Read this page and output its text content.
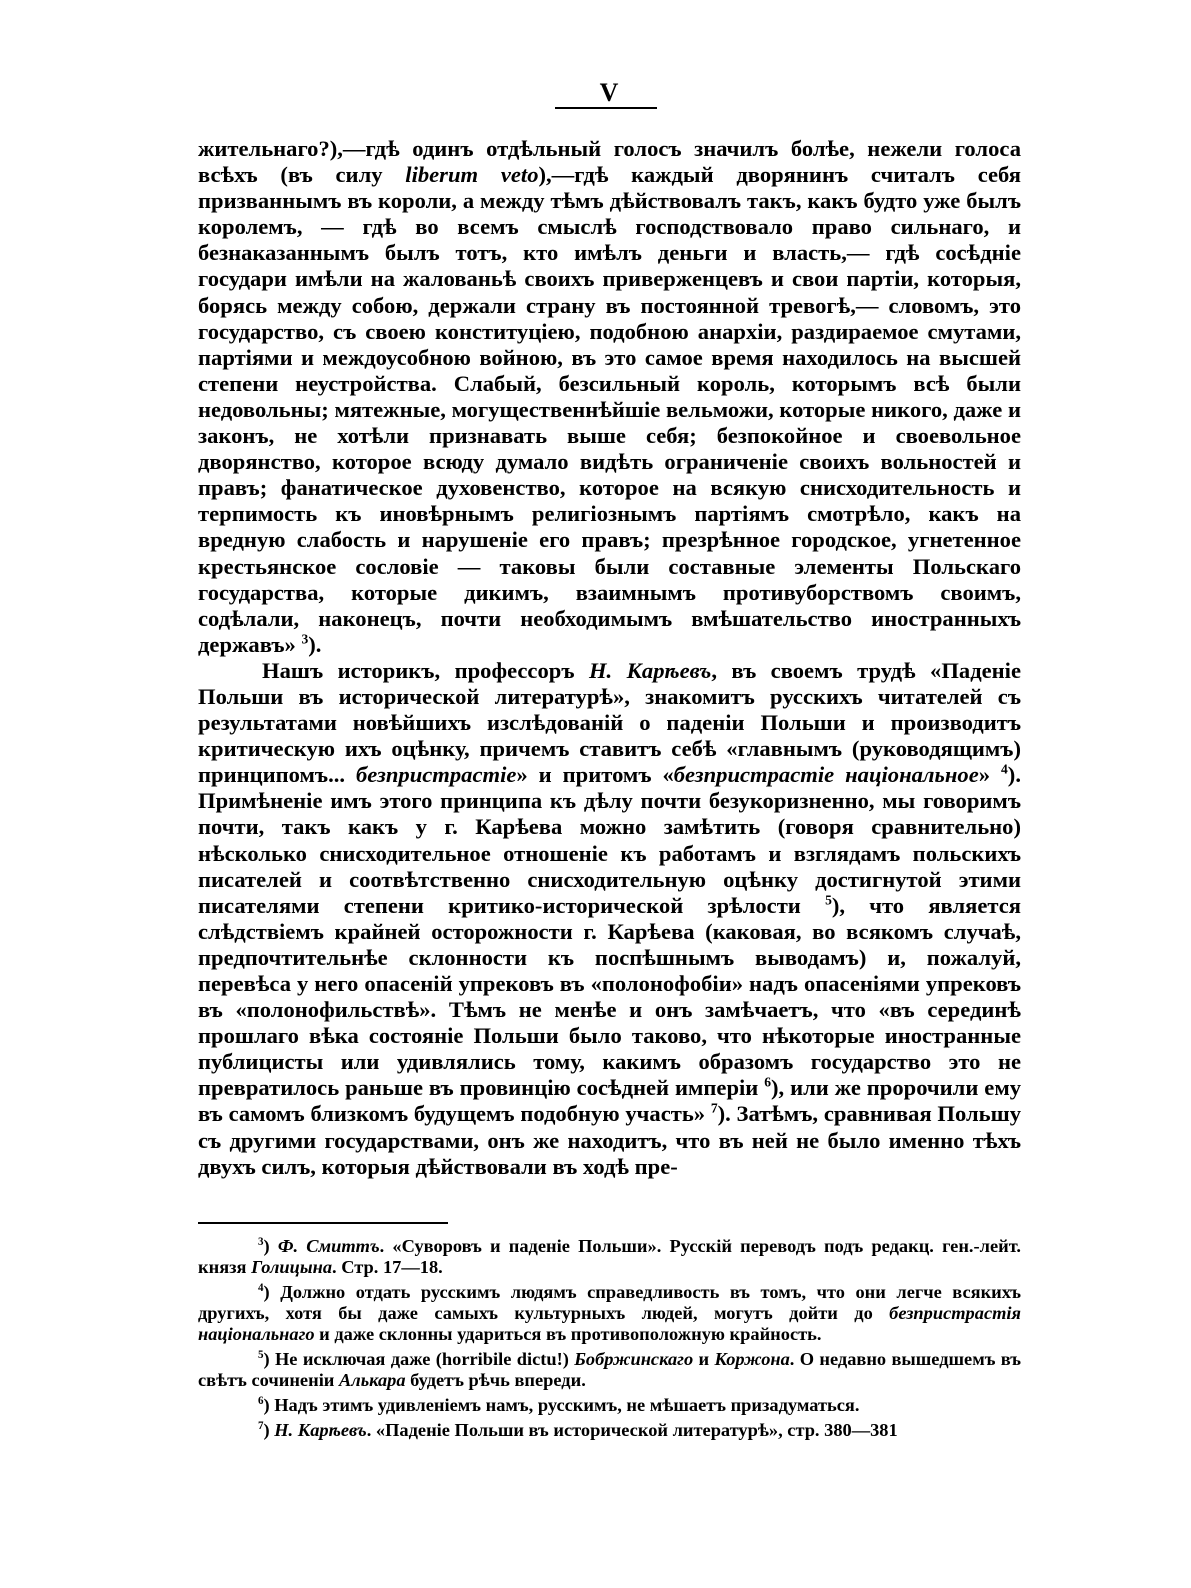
V

жительнаго?),—гдѣ одинъ отдѣльный голосъ значилъ болѣе, нежели голоса всѣхъ (въ силу liberum veto),—гдѣ каждый дворянинъ считалъ себя призваннымъ въ короли, а между тѣмъ дѣйствовалъ такъ, какъ будто уже былъ королемъ, — гдѣ во всемъ смыслѣ господствовало право сильнаго, и безнаказаннымъ былъ тотъ, кто имѣлъ деньги и власть,— гдѣ сосѣдніе государи имѣли на жалованьѣ своихъ приверженцевъ и свои партіи, которыя, борясь между собою, держали страну въ постоянной тревогѣ,— словомъ, это государство, съ своею конституціею, подобною анархіи, раздираемое смутами, партіями и междоусобною войною, въ это самое время находилось на высшей степени неустройства. Слабый, безсильный король, которымъ всѣ были недовольны; мятежные, могущественнѣйшіе вельможи, которые никого, даже и законъ, не хотѣли признавать выше себя; безпокойное и своевольное дворянство, которое всюду думало видѣть ограниченіе своихъ вольностей и правъ; фанатическое духовенство, которое на всякую снисходительность и терпимость къ иновѣрнымъ религіознымъ партіямъ смотрѣло, какъ на вредную слабость и нарушеніе его правъ; презрѣнное городское, угнетенное крестьянское сословіе — таковы были составные элементы Польскаго государства, которые дикимъ, взаимнымъ противуборствомъ своимъ, содѣлали, наконецъ, почти необходимымъ вмѣшательство иностранныхъ державъ» $^3$).

Нашъ историкъ, профессоръ Н. Карѣевъ, въ своемъ трудѣ «Паденіе Польши въ исторической литературѣ», знакомитъ русскихъ читателей съ результатами новѣйшихъ изслѣдованій о паденіи Польши и производитъ критическую ихъ оцѣнку, причемъ ставитъ себѣ «главнымъ (руководящимъ) принципомъ... безпристрастіе» и притомъ «безпристрастіе національное» $^4$). Примѣненіе имъ этого принципа къ дѣлу почти безукоризненно, мы говоримъ почти, такъ какъ у г. Карѣева можно замѣтить (говоря сравнительно) нѣсколько снисходительное отношеніе къ работамъ и взглядамъ польскихъ писателей и соотвѣтственно снисходительную оцѣнку достигнутой этими писателями степени критико-исторической зрѣлости $^5$), что является слѣдствіемъ крайней осторожности г. Карѣева (каковая, во всякомъ случаѣ, предпочтительнѣе склонности къ поспѣшнымъ выводамъ) и, пожалуй, перевѣса у него опасеній упрековъ въ «полонофобіи» надъ опасеніями упрековъ въ «полонофильствѣ». Тѣмъ не менѣе и онъ замѣчаетъ, что «въ серединѣ прошлаго вѣка состояніе Польши было таково, что нѣкоторые иностранные публицисты или удивлялись тому, какимъ образомъ государство это не превратилось раньше въ провинцію сосѣдней имперіи $^6$), или же пророчили ему въ самомъ близкомъ будущемъ подобную участь» $^7$). Затѣмъ, сравнивая Польшу съ другими государствами, онъ же находитъ, что въ ней не было именно тѣхъ двухъ силъ, которыя дѣйствовали въ ходѣ пре-

$^3$) Ф. Смиттъ. «Суворовъ и паденіе Польши». Русскій переводъ подъ редакц. ген.-лейт. князя Голицына. Стр. 17—18.

$^4$) Должно отдать русскимъ людямъ справедливость въ томъ, что они легче всякихъ другихъ, хотя бы даже самыхъ культурныхъ людей, могутъ дойти до безпристрастія національнаго и даже склонны удариться въ противоположную крайность.

$^5$) Не исключая даже (horribile dictu!) Бобржинскаго и Коржона. О недавно вышедшемъ въ свѣтъ сочиненіи Алькара будетъ рѣчь впереди.

$^6$) Надъ этимъ удивленіемъ намъ, русскимъ, не мѣшаетъ призадуматься.

$^7$) Н. Карѣевъ. «Паденіе Польши въ исторической литературѣ», стр. 380—381
